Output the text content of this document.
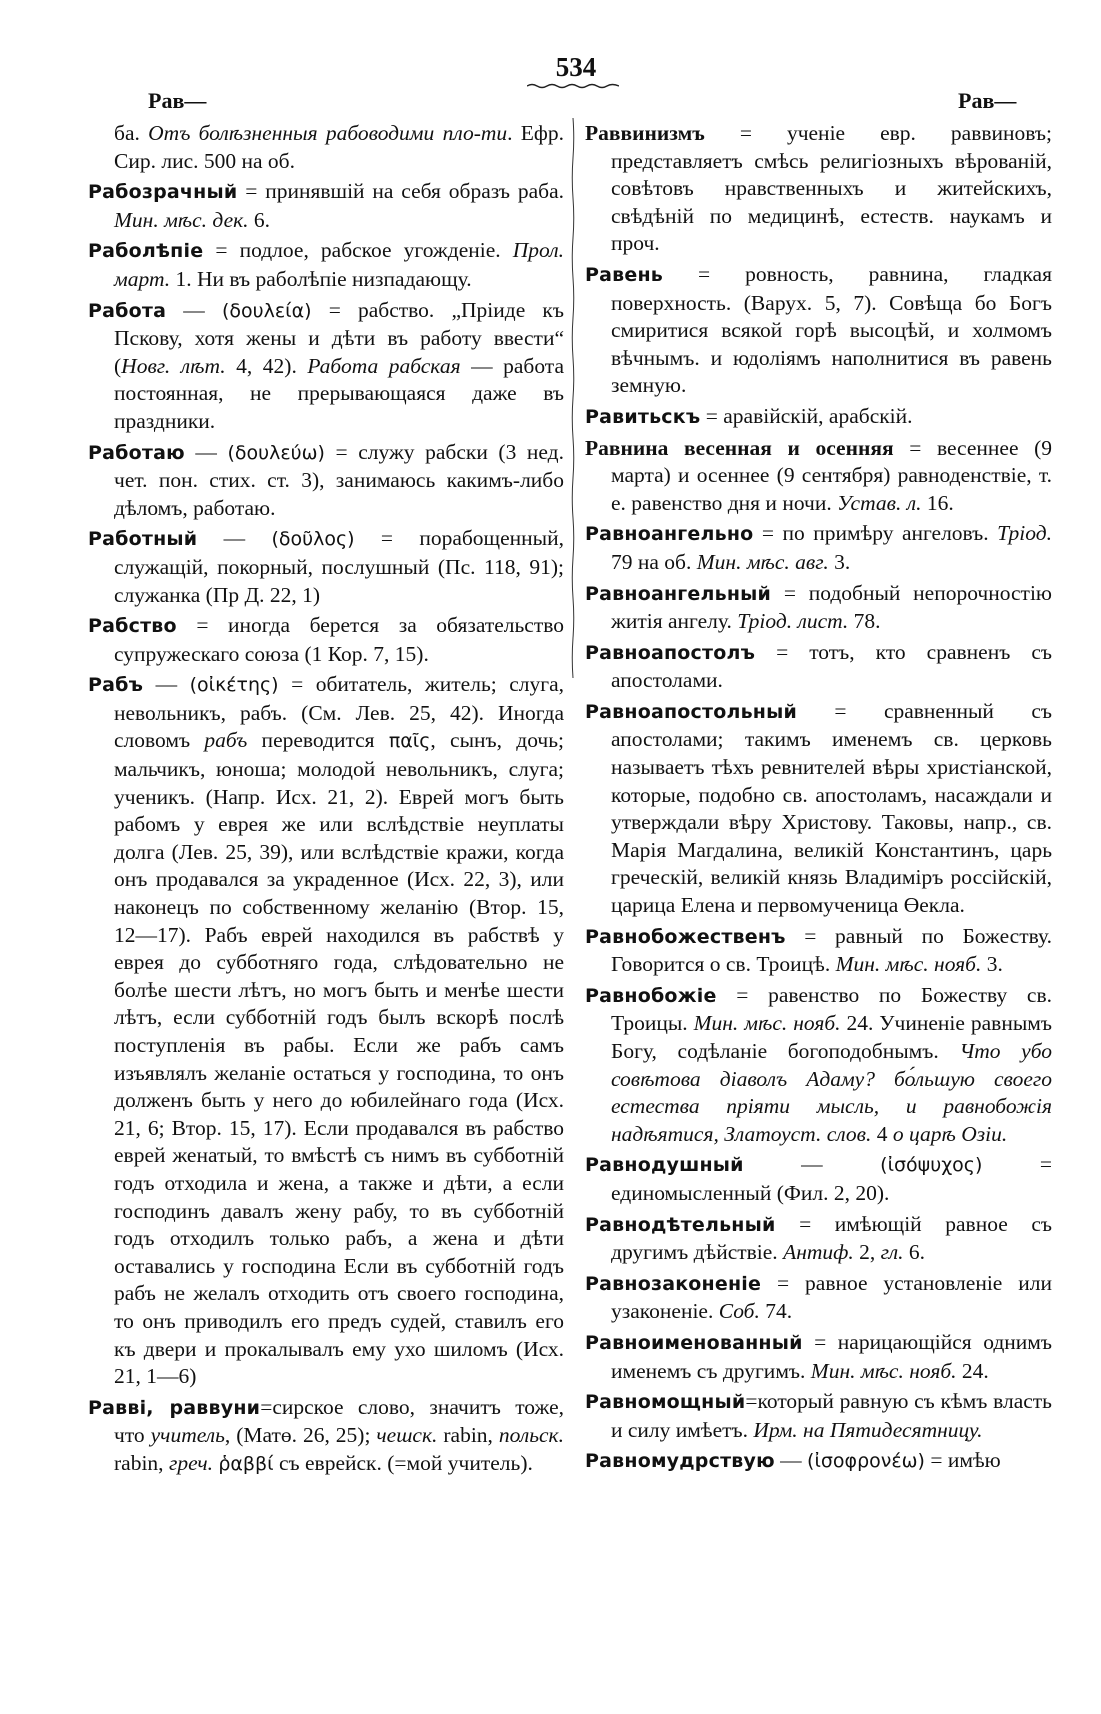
534
Рав—	Рав—

ба. Отъ болѣзненныя рабоводими пло-ти. Ефр. Сир. лис. 500 на об.

Рабозрачный = принявшій на себя образъ раба. Мин. мѣс. дек. 6.

Раболѣпіе = подлое, рабское угожденіе. Прол. март. 1. Ни въ раболѣпіе низпадающу.

Работа — (δουλεία) = рабство. „Пріиде къ Пскову, хотя жены и дѣти въ работу ввести“ (Новг. лѣт. 4, 42). Работа рабская — работа постоянная, не прерывающаяся даже въ праздники.

Работаю — (δουλεύω) = служу рабски (3 нед. чет. пон. стих. ст. 3), занимаюсь какимъ-либо дѣломъ, работаю.

Работный — (δοῦλος) = порабощенный, служащій, покорный, послушный (Пс. 118, 91); служанка (Пр Д. 22, 1)

Рабство = иногда берется за обязательство супружескаго союза (1 Кор. 7, 15).

Рабъ — (οἰκέτης) = обитатель, житель; слуга, невольникъ, рабъ. (См. Лев. 25, 42). Иногда словомъ рабъ переводится παῖς, сынъ, дочь; мальчикъ, юноша; молодой невольникъ, слуга; ученикъ. (Напр. Исх. 21, 2). Еврей могъ быть рабомъ у еврея же или вслѣдствіе неуплаты долга (Лев. 25, 39), или вслѣдствіе кражи, когда онъ продавался за украденное (Исх. 22, 3), или наконецъ по собственному желанію (Втор. 15, 12—17). Рабъ еврей находился въ рабствѣ у еврея до субботняго года, слѣдовательно не болѣе шести лѣтъ, но могъ быть и менѣе шести лѣтъ, если субботній годъ былъ вскорѣ послѣ поступленія въ рабы. Если же рабъ самъ изъявлялъ желаніе остаться у господина, то онъ долженъ быть у него до юбилейнаго года (Исх. 21, 6; Втор. 15, 17). Если продавался въ рабство еврей женатый, то вмѣстѣ съ нимъ въ субботній годъ отходила и жена, а также и дѣти, а если господинъ давалъ жену рабу, то въ субботній годъ отходилъ только рабъ, а жена и дѣти оставались у господина Если въ субботній годъ рабъ не желалъ отходить отъ своего господина, то онъ приводилъ его предъ судей, ставилъ его къ двери и прокалывалъ ему ухо шиломъ (Исх. 21, 1—6)

Равві, раввуни=сирское слово, значитъ тоже, что учитель, (Матө. 26, 25); чешск. rabin, польск. rabin, греч. ῥαββί съ еврейск. (=мой учитель).

Раввинизмъ = ученіе евр. раввиновъ; представляетъ смѣсь религіозныхъ вѣрованій, совѣтовъ нравственныхъ и житейскихъ, свѣдѣній по медицинѣ, естеств. наукамъ и проч.

Равень = ровность, равнина, гладкая поверхность. (Варух. 5, 7). Совѣща бо Богъ смиритися всякой горѣ высоцѣй, и холмомъ вѣчнымъ. и юдоліямъ наполнитися въ равень земную.

Равитьскъ = аравійскій, арабскій.

Равнина весенная и осенняя = весеннее (9 марта) и осеннее (9 сентября) равноденствіе, т. е. равенство дня и ночи. Устав. л. 16.

Равноангельно = по примѣру ангеловъ. Тріод. 79 на об. Мин. мѣс. авг. 3.

Равноангельный = подобный непорочностію житія ангелу. Тріод. лист. 78.

Равноапостолъ = тотъ, кто сравненъ съ апостолами.

Равноапостольный = сравненный съ апостолами; такимъ именемъ св. церковь называетъ тѣхъ ревнителей вѣры христіанской, которые, подобно св. апостоламъ, насаждали и утверждали вѣру Христову. Таковы, напр., св. Марія Магдалина, великій Константинъ, царь греческій, великій князь Владиміръ россійскій, царица Елена и первомученица Өекла.

Равнобожественъ = равный по Божеству. Говорится о св. Троицѣ. Мин. мѣс. нояб. 3.

Равнобожіе = равенство по Божеству св. Троицы. Мин. мѣс. нояб. 24. Учиненіе равнымъ Богу, содѣланіе богоподобнымъ. Что убо совѣтова діаволъ Адаму? бо́льшую своего естества пріяти мысль, и равнобожія надѣятися, Златоуст. слов. 4 о царѣ Озіи.

Равнодушный — (ἰσόψυχος) = единомысленный (Фил. 2, 20).

Равнодѣтельный = имѣющій равное съ другимъ дѣйствіе. Антиф. 2, гл. 6.

Равнозаконеніе = равное установленіе или узаконеніе. Соб. 74.

Равноименованный = нарицающійся однимъ именемъ съ другимъ. Мин. мѣс. нояб. 24.

Равномощный=который равную съ кѣмъ власть и силу имѣетъ. Ирм. на Пятидесятницу.

Равномудрствую — (ἰσοφρονέω) = имѣю
